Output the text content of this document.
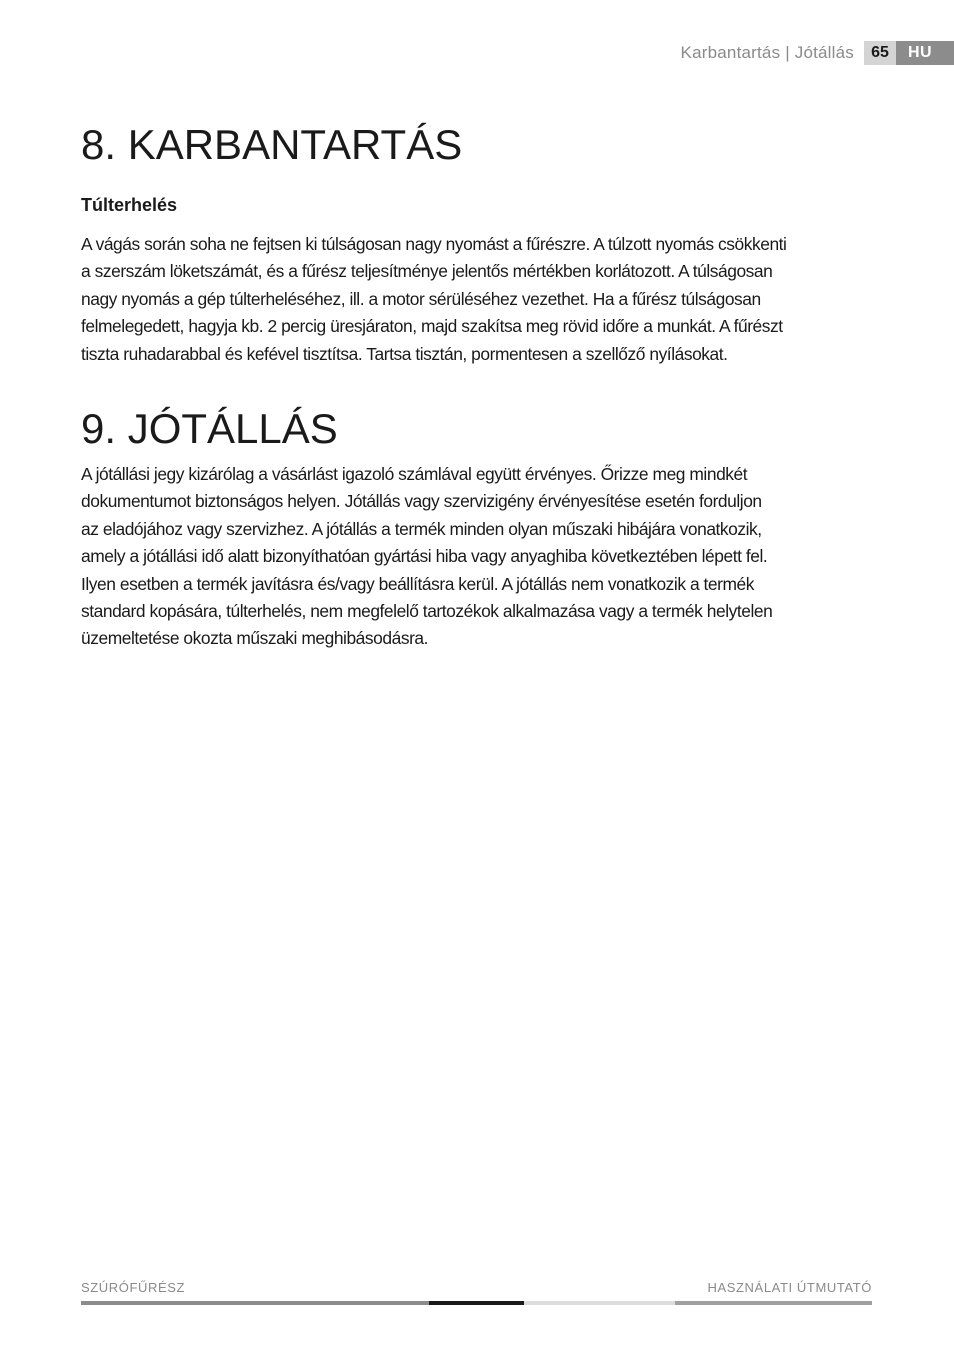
Karbantartás | Jótállás	65	HU
8. KARBANTARTÁS
Túlterhelés

A vágás során soha ne fejtsen ki túlságosan nagy nyomást a fűrészre. A túlzott nyomás csökkenti
a szerszám löketszámát, és a fűrész teljesítménye jelentős mértékben korlátozott. A túlságosan
nagy nyomás a gép túlterheléséhez, ill. a motor sérüléséhez vezethet. Ha a fűrész túlságosan
felmelegedett, hagyja kb. 2 percig üresjáraton, majd szakítsa meg rövid időre a munkát. A fűrészt
tiszta ruhadarabbal és kefével tisztítsa. Tartsa tisztán, pormentesen a szellőző nyílásokat.

9. JÓTÁLLÁS

A jótállási jegy kizárólag a vásárlást igazoló számlával együtt érvényes. Őrizze meg mindkét
dokumentumot biztonságos helyen. Jótállás vagy szervizigény érvényesítése esetén forduljon
az eladójához vagy szervizhez. A jótállás a termék minden olyan műszaki hibájára vonatkozik,
amely a jótállási idő alatt bizonyíthatóan gyártási hiba vagy anyaghiba következtében lépett fel.
Ilyen esetben a termék javításra és/vagy beállításra kerül. A jótállás nem vonatkozik a termék
standard kopására, túlterhelés, nem megfelelő tartozékok alkalmazása vagy a termék helytelen
üzemeltetése okozta műszaki meghibásodásra.

SZÚRÓFŰRÉSZ	HASZNÁLATI ÚTMUTATÓ
